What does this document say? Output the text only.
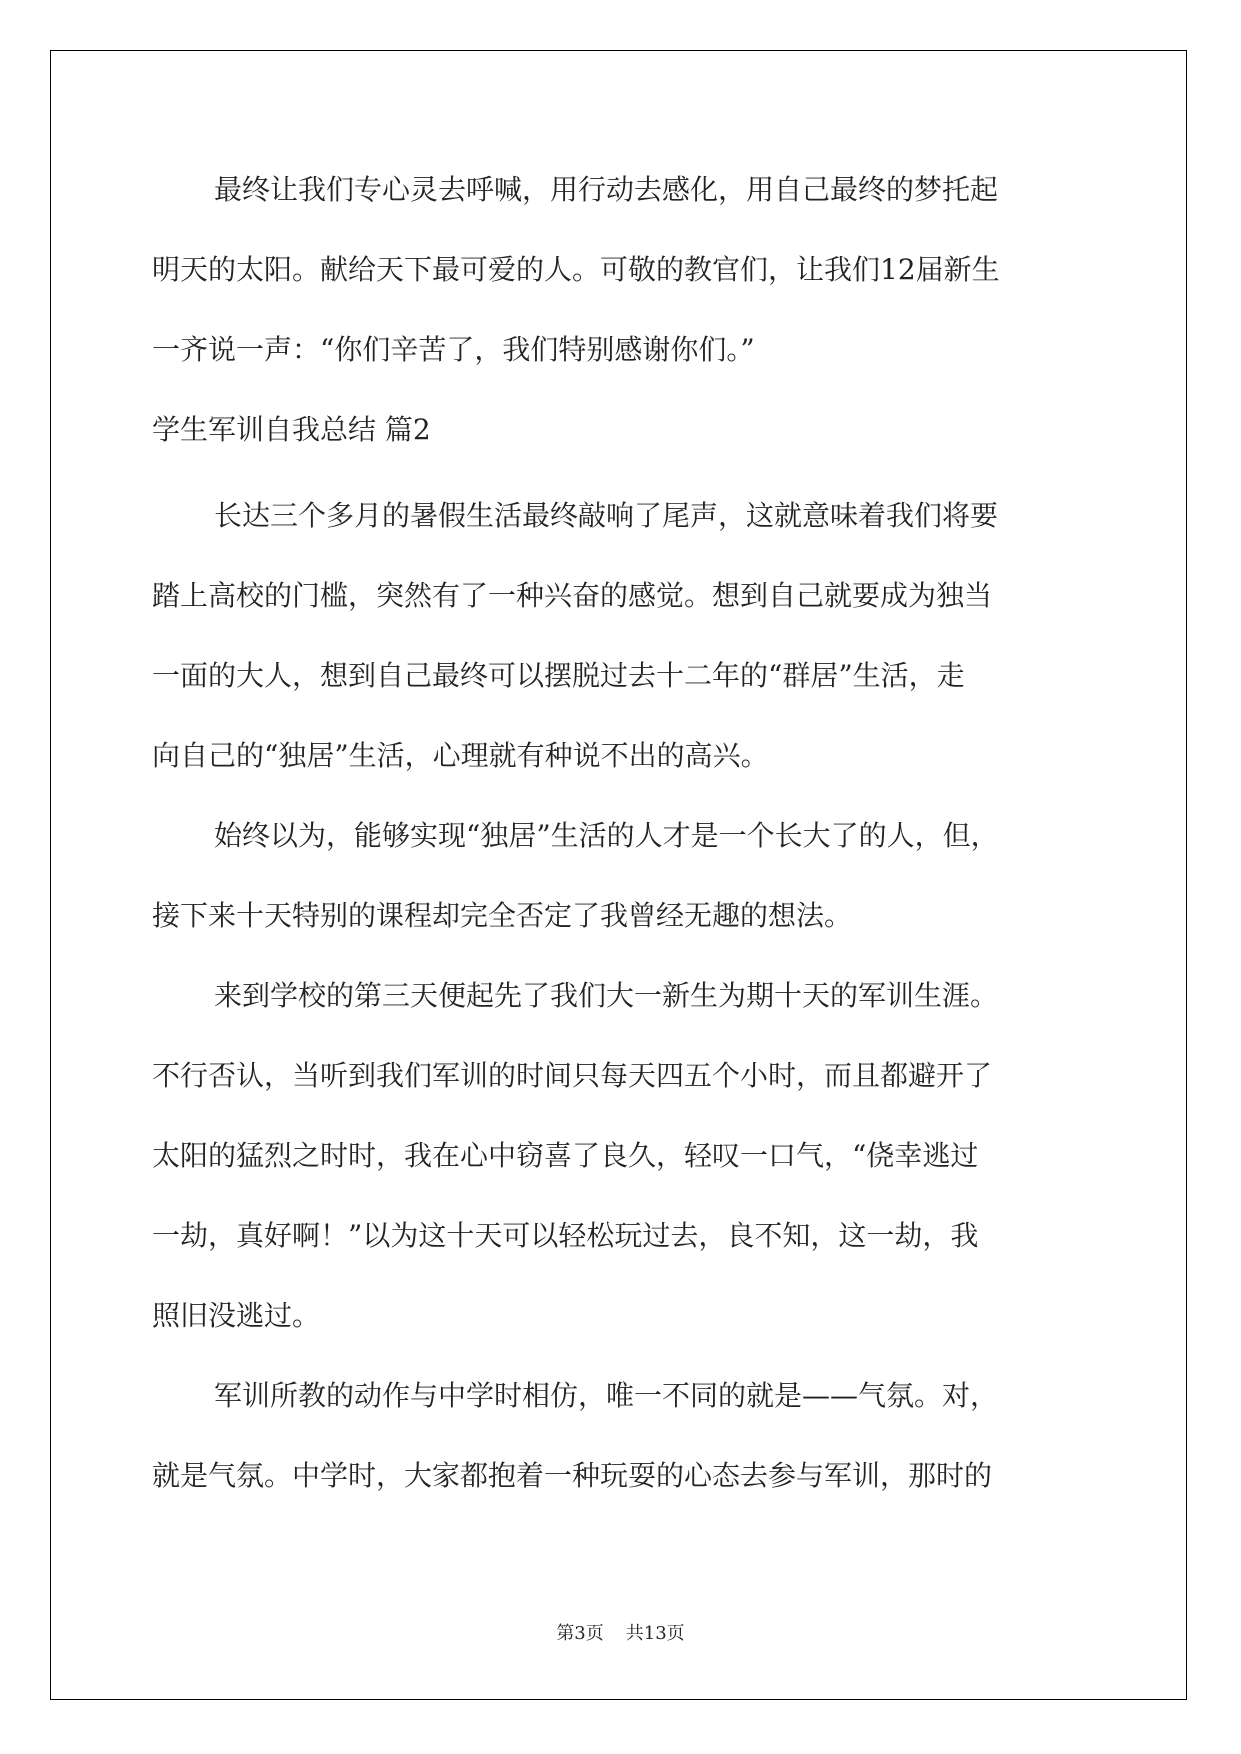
最终让我们专心灵去呼喊，用行动去感化，用自己最终的梦托起
明天的太阳。献给天下最可爱的人。可敬的教官们，让我们12届新生
一齐说一声：“你们辛苦了，我们特别感谢你们。”
学生军训自我总结 篇2
长达三个多月的暑假生活最终敲响了尾声，这就意味着我们将要
踏上高校的门槛，突然有了一种兴奋的感觉。想到自己就要成为独当
一面的大人，想到自己最终可以摆脱过去十二年的“群居”生活，走
向自己的“独居”生活，心理就有种说不出的高兴。
始终以为，能够实现“独居”生活的人才是一个长大了的人，但，
接下来十天特别的课程却完全否定了我曾经无趣的想法。
来到学校的第三天便起先了我们大一新生为期十天的军训生涯。
不行否认，当听到我们军训的时间只每天四五个小时，而且都避开了
太阳的猛烈之时时，我在心中窃喜了良久，轻叹一口气，“侥幸逃过
一劫，真好啊！”以为这十天可以轻松玩过去，良不知，这一劫，我
照旧没逃过。
军训所教的动作与中学时相仿，唯一不同的就是——气氛。对，
就是气氛。中学时，大家都抱着一种玩耍的心态去参与军训，那时的
第3页 共13页
